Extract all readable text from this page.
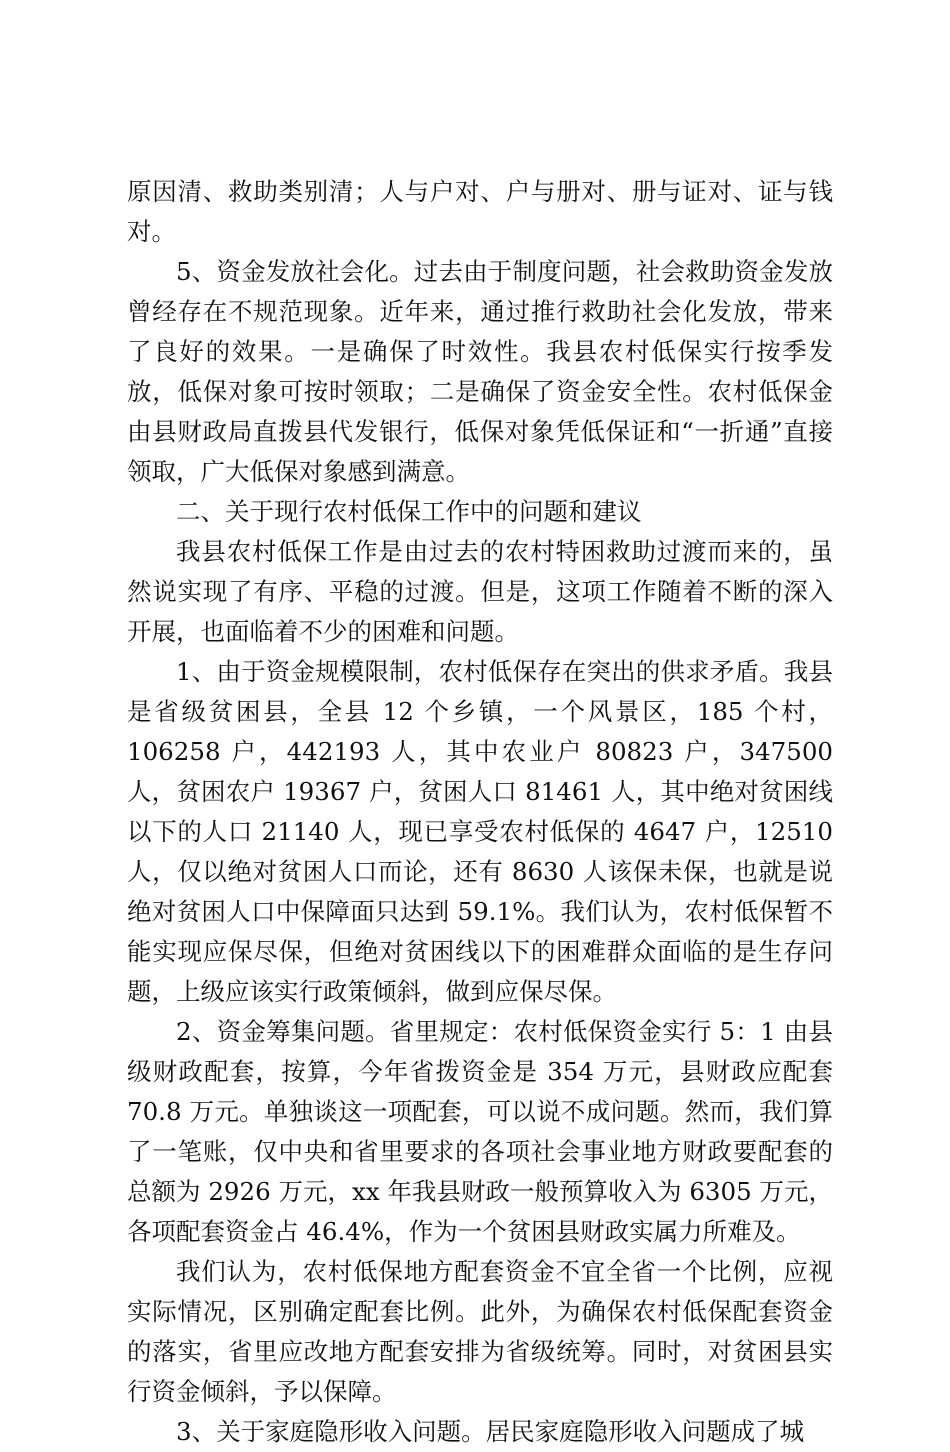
原因清、救助类别清；人与户对、户与册对、册与证对、证与钱对。

5、资金发放社会化。过去由于制度问题，社会救助资金发放曾经存在不规范现象。近年来，通过推行救助社会化发放，带来了良好的效果。一是确保了时效性。我县农村低保实行按季发放，低保对象可按时领取；二是确保了资金安全性。农村低保金由县财政局直拨县代发银行，低保对象凭低保证和“一折通”直接领取，广大低保对象感到满意。

二、关于现行农村低保工作中的问题和建议

我县农村低保工作是由过去的农村特困救助过渡而来的，虽然说实现了有序、平稳的过渡。但是，这项工作随着不断的深入开展，也面临着不少的困难和问题。

1、由于资金规模限制，农村低保存在突出的供求矛盾。我县是省级贫困县，全县 12 个乡镇，一个风景区，185 个村，106258 户，442193 人，其中农业户 80823 户，347500 人，贫困农户 19367 户，贫困人口 81461 人，其中绝对贫困线以下的人口 21140 人，现已享受农村低保的 4647 户，12510 人，仅以绝对贫困人口而论，还有 8630 人该保未保，也就是说绝对贫困人口中保障面只达到 59.1%。我们认为，农村低保暂不能实现应保尽保，但绝对贫困线以下的困难群众面临的是生存问题，上级应该实行政策倾斜，做到应保尽保。

2、资金筹集问题。省里规定：农村低保资金实行 5：1 由县级财政配套，按算，今年省拨资金是 354 万元，县财政应配套 70.8 万元。单独谈这一项配套，可以说不成问题。然而，我们算了一笔账，仅中央和省里要求的各项社会事业地方财政要配套的总额为 2926 万元，xx 年我县财政一般预算收入为 6305 万元，各项配套资金占 46.4%，作为一个贫困县财政实属力所难及。

我们认为，农村低保地方配套资金不宜全省一个比例，应视实际情况，区别确定配套比例。此外，为确保农村低保配套资金的落实，省里应改地方配套安排为省级统筹。同时，对贫困县实行资金倾斜，予以保障。

3、关于家庭隐形收入问题。居民家庭隐形收入问题成了城
